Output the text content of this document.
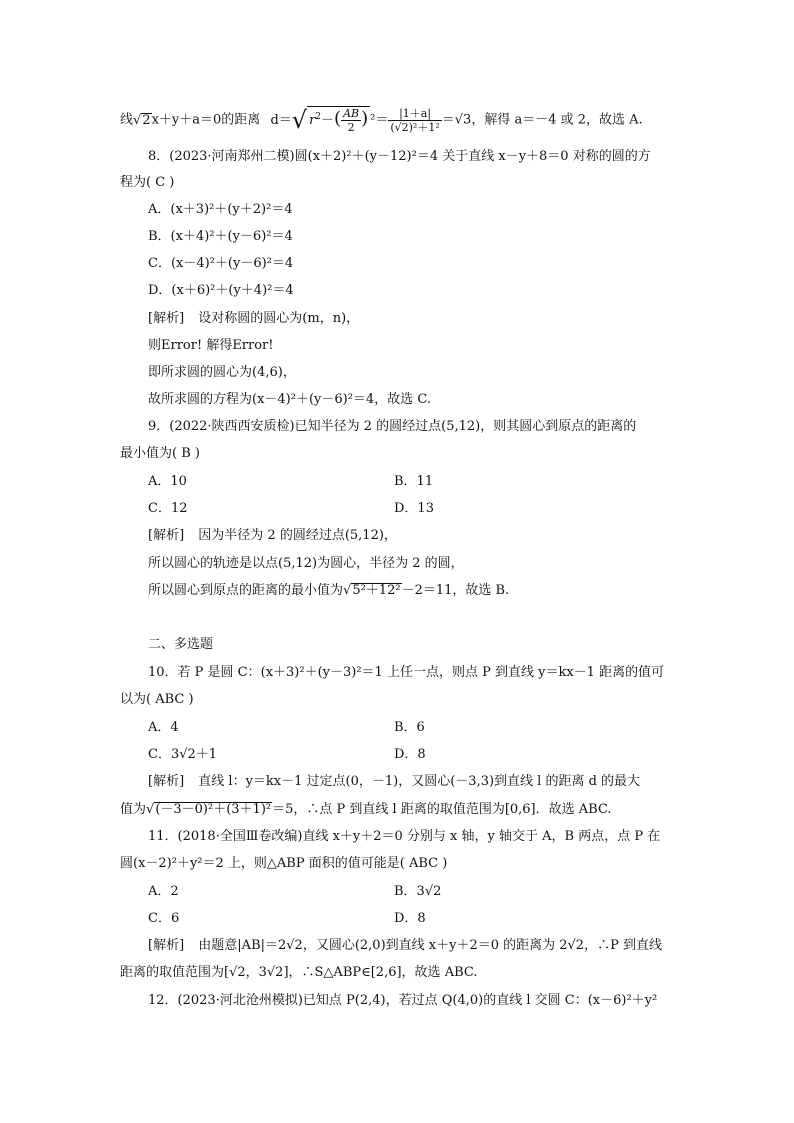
线√2x＋y＋a＝0的距离 d＝√ $r^2-( \frac{AB}{2}$ ) $^2= \frac{|1+a|}{\text{(√2)²＋1²}} =√3$，解得 a＝－4 或 2，故选 A.
8．(2023·河南郑州二模)圆(x＋2)²＋(y－12)²＝4 关于直线 x－y＋8＝0 对称的圆的方
程为( C )
A．(x＋3)²＋(y＋2)²＝4
B．(x＋4)²＋(y－6)²＝4
C．(x－4)²＋(y－6)²＝4
D．(x＋6)²＋(y＋4)²＝4
[解析] 设对称圆的圆心为(m，n)，
则Error! 解得Error!
即所求圆的圆心为(4,6)，
故所求圆的方程为(x－4)²＋(y－6)²＝4，故选 C.
9．(2022·陕西西安质检)已知半径为 2 的圆经过点(5,12)，则其圆心到原点的距离的
最小值为( B )
A．10	B．11
C．12	D．13
[解析] 因为半径为 2 的圆经过点(5,12)，
所以圆心的轨迹是以点(5,12)为圆心，半径为 2 的圆，
所以圆心到原点的距离的最小值为√5²＋12²－2＝11，故选 B.
二、多选题
10．若 P 是圆 C：(x＋3)²＋(y－3)²＝1 上任一点，则点 P 到直线 y＝kx－1 距离的值可
以为( ABC )
A．4	B．6
C．3√2＋1	D．8
[解析] 直线 l：y＝kx－1 过定点(0，－1)，又圆心(－3,3)到直线 l 的距离 d 的最大
值为√(－3－0)²＋(3＋1)²＝5，∴点 P 到直线 l 距离的取值范围为[0,6]．故选 ABC.
11．(2018·全国Ⅲ卷改编)直线 x＋y＋2＝0 分别与 x 轴，y 轴交于 A，B 两点，点 P 在
圆(x－2)²＋y²＝2 上，则△ABP 面积的值可能是( ABC )
A．2	B．3√2
C．6	D．8
[解析] 由题意|AB|＝2√2，又圆心(2,0)到直线 x＋y＋2＝0 的距离为 2√2，∴P 到直线
距离的取值范围为[√2，3√2]，∴S△ABP∈[2,6]，故选 ABC.
12．(2023·河北沧州模拟)已知点 P(2,4)，若过点 Q(4,0)的直线 l 交圆 C：(x－6)²＋y²
